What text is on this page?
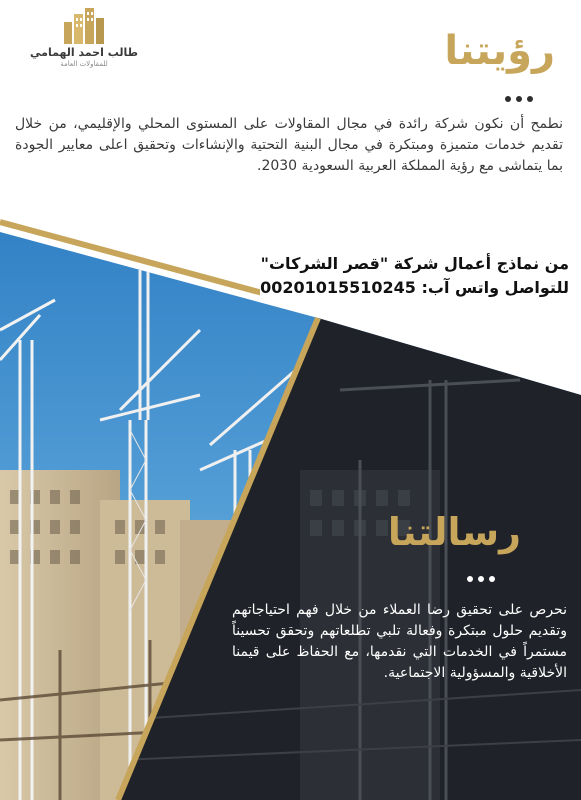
طالب احمد الهمامي
للمقاولات العامة	رؤيتنا
نطمح أن نكون شركة رائدة في مجال المقاولات على المستوى المحلي والإقليمي، من خلال تقديم خدمات متميزة ومبتكرة في مجال البنية التحتية والإنشاءات وتحقيق اعلى معايير الجودة بما يتماشى مع رؤية المملكة العربية السعودية 2030.
من نماذج أعمال شركة "قصر الشركات"
للتواصل واتس آب: 00201015510245
رسالتنا
نحرص على تحقيق رضا العملاء من خلال فهم احتياجاتهم وتقديم حلول مبتكرة وفعالة تلبي تطلعاتهم وتحقق تحسيناً مستمراً في الخدمات التي نقدمها، مع الحفاظ على قيمنا الأخلاقية والمسؤولية الاجتماعية.
